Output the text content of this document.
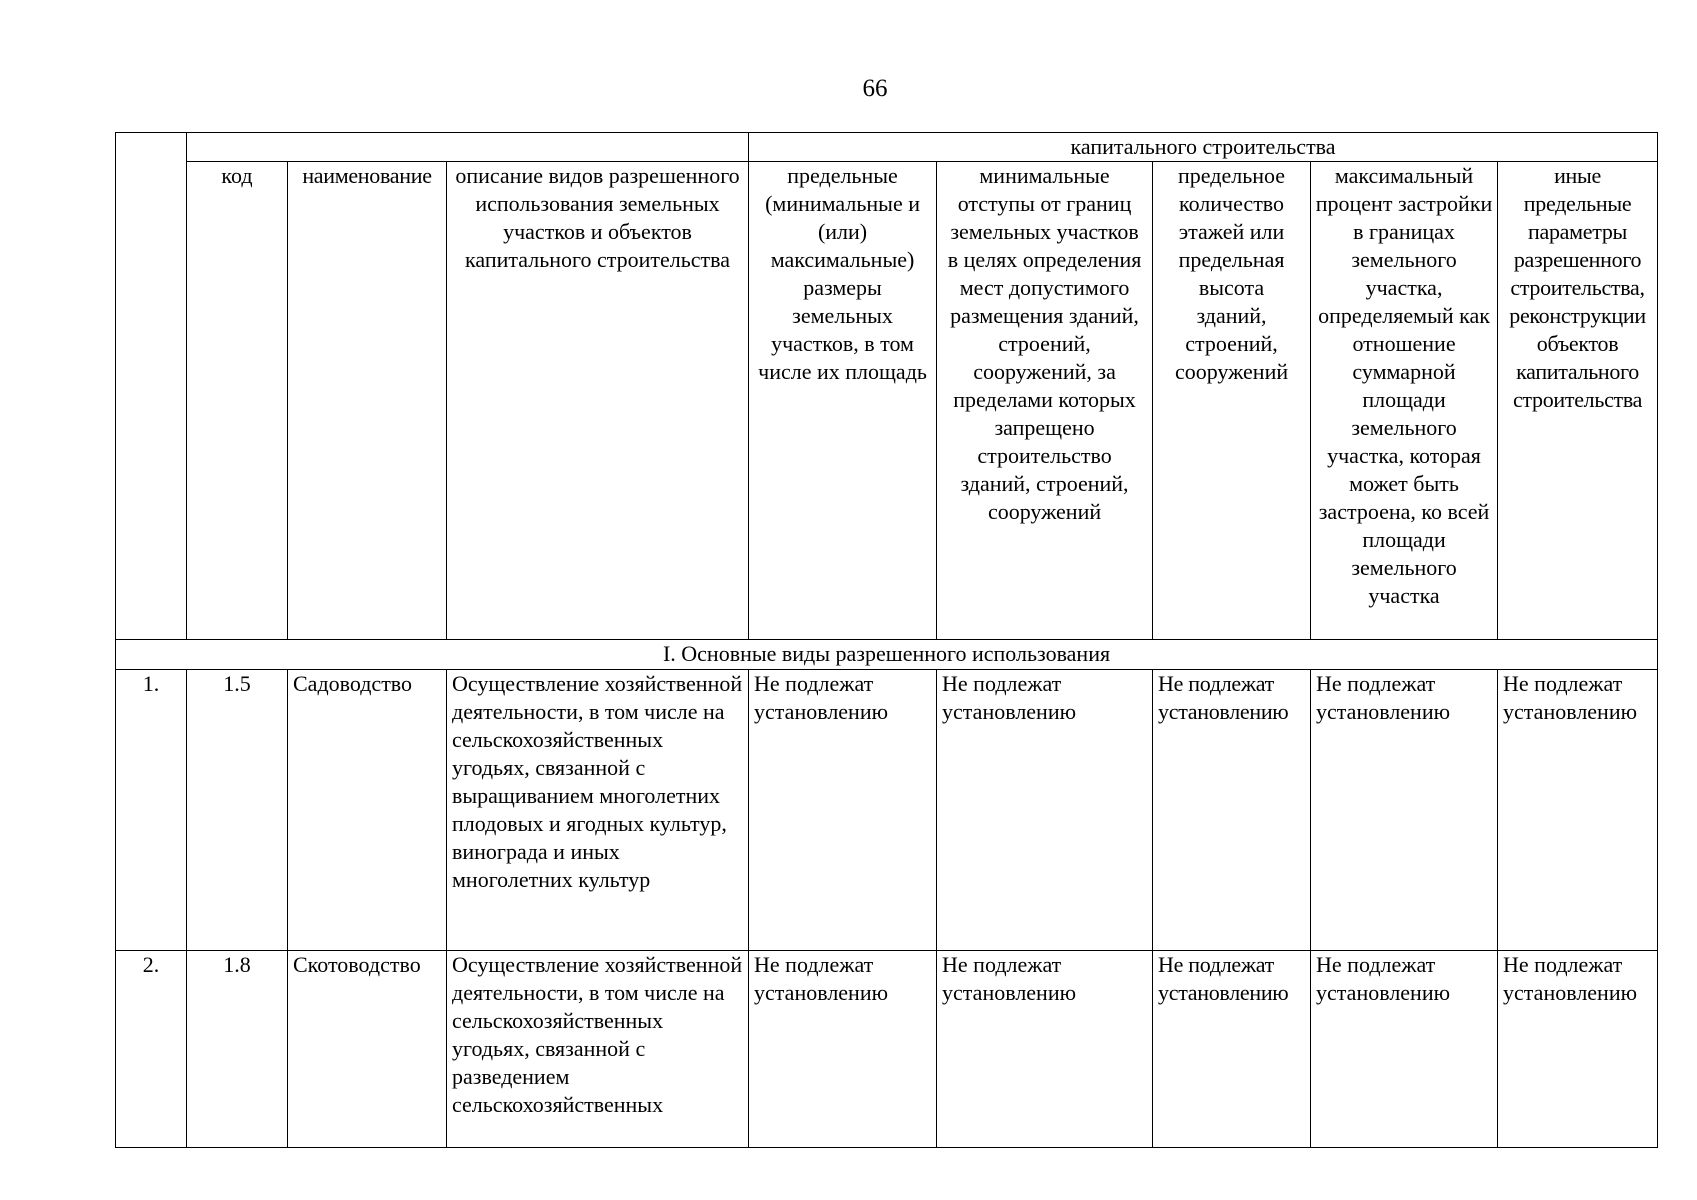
66
				капитального строительства				
	код	наименование	описание видов разрешенного использования земельных участков и объектов капитального строительства	предельные (минимальные и (или) максимальные) размеры земельных участков, в том числе их площадь	минимальные отступы от границ земельных участков в целях определения мест допустимого размещения зданий, строений, сооружений, за пределами которых запрещено строительство зданий, строений, сооружений	предельное количество этажей или предельная высота зданий, строений, сооружений	максимальный процент застройки в границах земельного участка, определяемый как отношение суммарной площади земельного участка, которая может быть застроена, ко всей площади земельного участка	иные предельные параметры разрешенного строительства, реконструкции объектов капитального строительства
I. Основные виды разрешенного использования								
1.	1.5	Садоводство	Осуществление хозяйственной деятельности, в том числе на сельскохозяйственных угодьях, связанной с выращиванием многолетних плодовых и ягодных культур, винограда и иных многолетних культур	Не подлежат установлению	Не подлежат установлению	Не подлежат установлению	Не подлежат установлению	Не подлежат установлению
2.	1.8	Скотоводство	Осуществление хозяйственной деятельности, в том числе на сельскохозяйственных угодьях, связанной с разведением сельскохозяйственных	Не подлежат установлению	Не подлежат установлению	Не подлежат установлению	Не подлежат установлению	Не подлежат установлению
